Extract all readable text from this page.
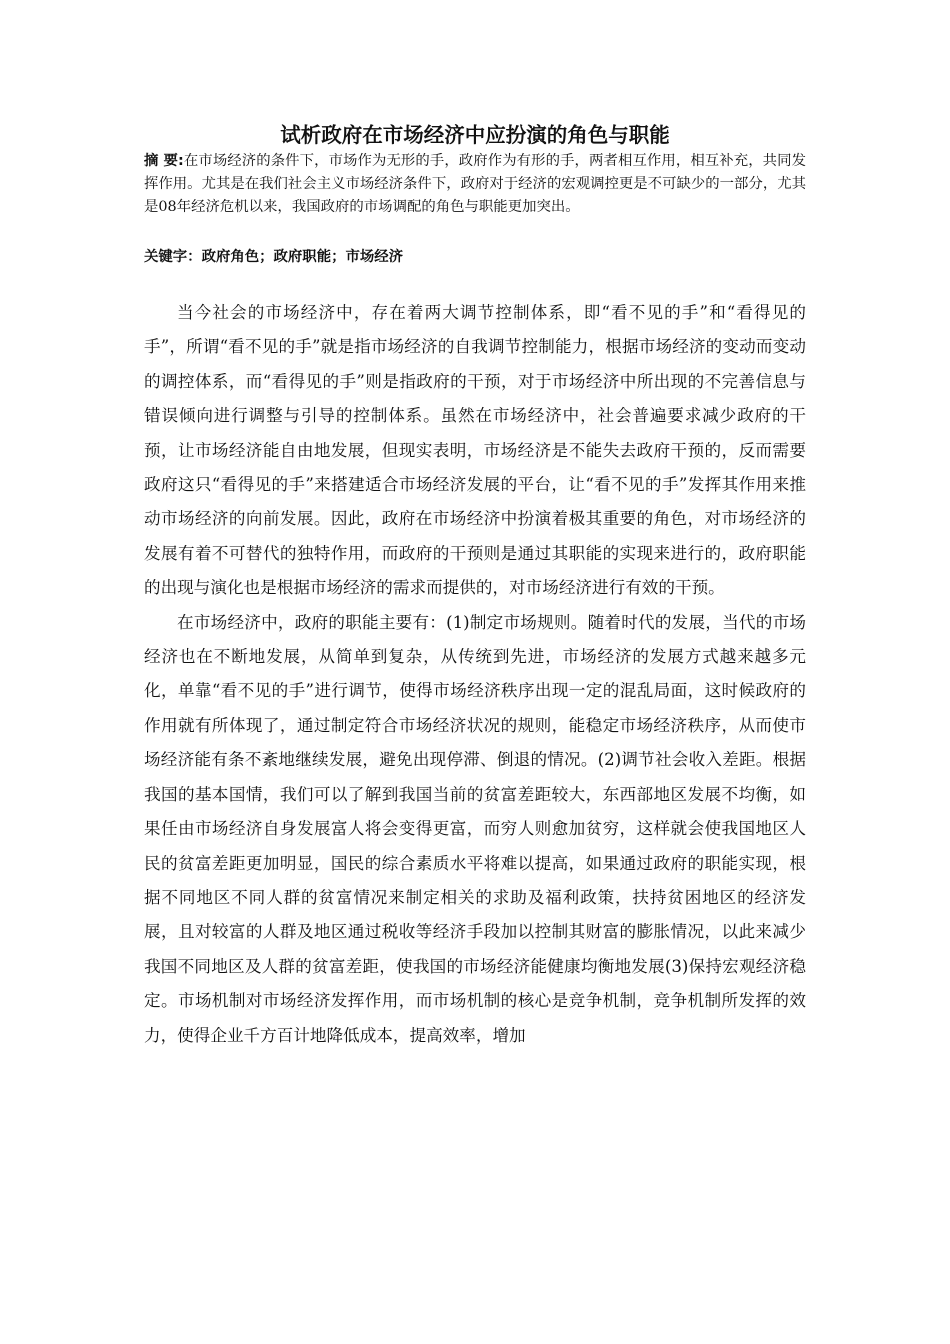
试析政府在市场经济中应扮演的角色与职能
摘 要:在市场经济的条件下，市场作为无形的手，政府作为有形的手，两者相互作用，相互补充，共同发挥作用。尤其是在我们社会主义市场经济条件下，政府对于经济的宏观调控更是不可缺少的一部分，尤其是08年经济危机以来，我国政府的市场调配的角色与职能更加突出。
关键字：政府角色；政府职能；市场经济

当今社会的市场经济中，存在着两大调节控制体系，即“看不见的手”和“看得见的手”，所谓“看不见的手”就是指市场经济的自我调节控制能力，根据市场经济的变动而变动的调控体系，而“看得见的手”则是指政府的干预，对于市场经济中所出现的不完善信息与错误倾向进行调整与引导的控制体系。虽然在市场经济中，社会普遍要求减少政府的干预，让市场经济能自由地发展，但现实表明，市场经济是不能失去政府干预的，反而需要政府这只“看得见的手”来搭建适合市场经济发展的平台，让“看不见的手”发挥其作用来推动市场经济的向前发展。因此，政府在市场经济中扮演着极其重要的角色，对市场经济的发展有着不可替代的独特作用，而政府的干预则是通过其职能的实现来进行的，政府职能的出现与演化也是根据市场经济的需求而提供的，对市场经济进行有效的干预。

在市场经济中，政府的职能主要有：(1)制定市场规则。随着时代的发展，当代的市场经济也在不断地发展，从简单到复杂，从传统到先进，市场经济的发展方式越来越多元化，单靠“看不见的手”进行调节，使得市场经济秩序出现一定的混乱局面，这时候政府的作用就有所体现了，通过制定符合市场经济状况的规则，能稳定市场经济秩序，从而使市场经济能有条不紊地继续发展，避免出现停滞、倒退的情况。(2)调节社会收入差距。根据我国的基本国情，我们可以了解到我国当前的贫富差距较大，东西部地区发展不均衡，如果任由市场经济自身发展富人将会变得更富，而穷人则愈加贫穷，这样就会使我国地区人民的贫富差距更加明显，国民的综合素质水平将难以提高，如果通过政府的职能实现，根据不同地区不同人群的贫富情况来制定相关的求助及福利政策，扶持贫困地区的经济发展，且对较富的人群及地区通过税收等经济手段加以控制其财富的膨胀情况，以此来减少我国不同地区及人群的贫富差距，使我国的市场经济能健康均衡地发展(3)保持宏观经济稳定。市场机制对市场经济发挥作用，而市场机制的核心是竞争机制，竞争机制所发挥的效力，使得企业千方百计地降低成本，提高效率，增加
